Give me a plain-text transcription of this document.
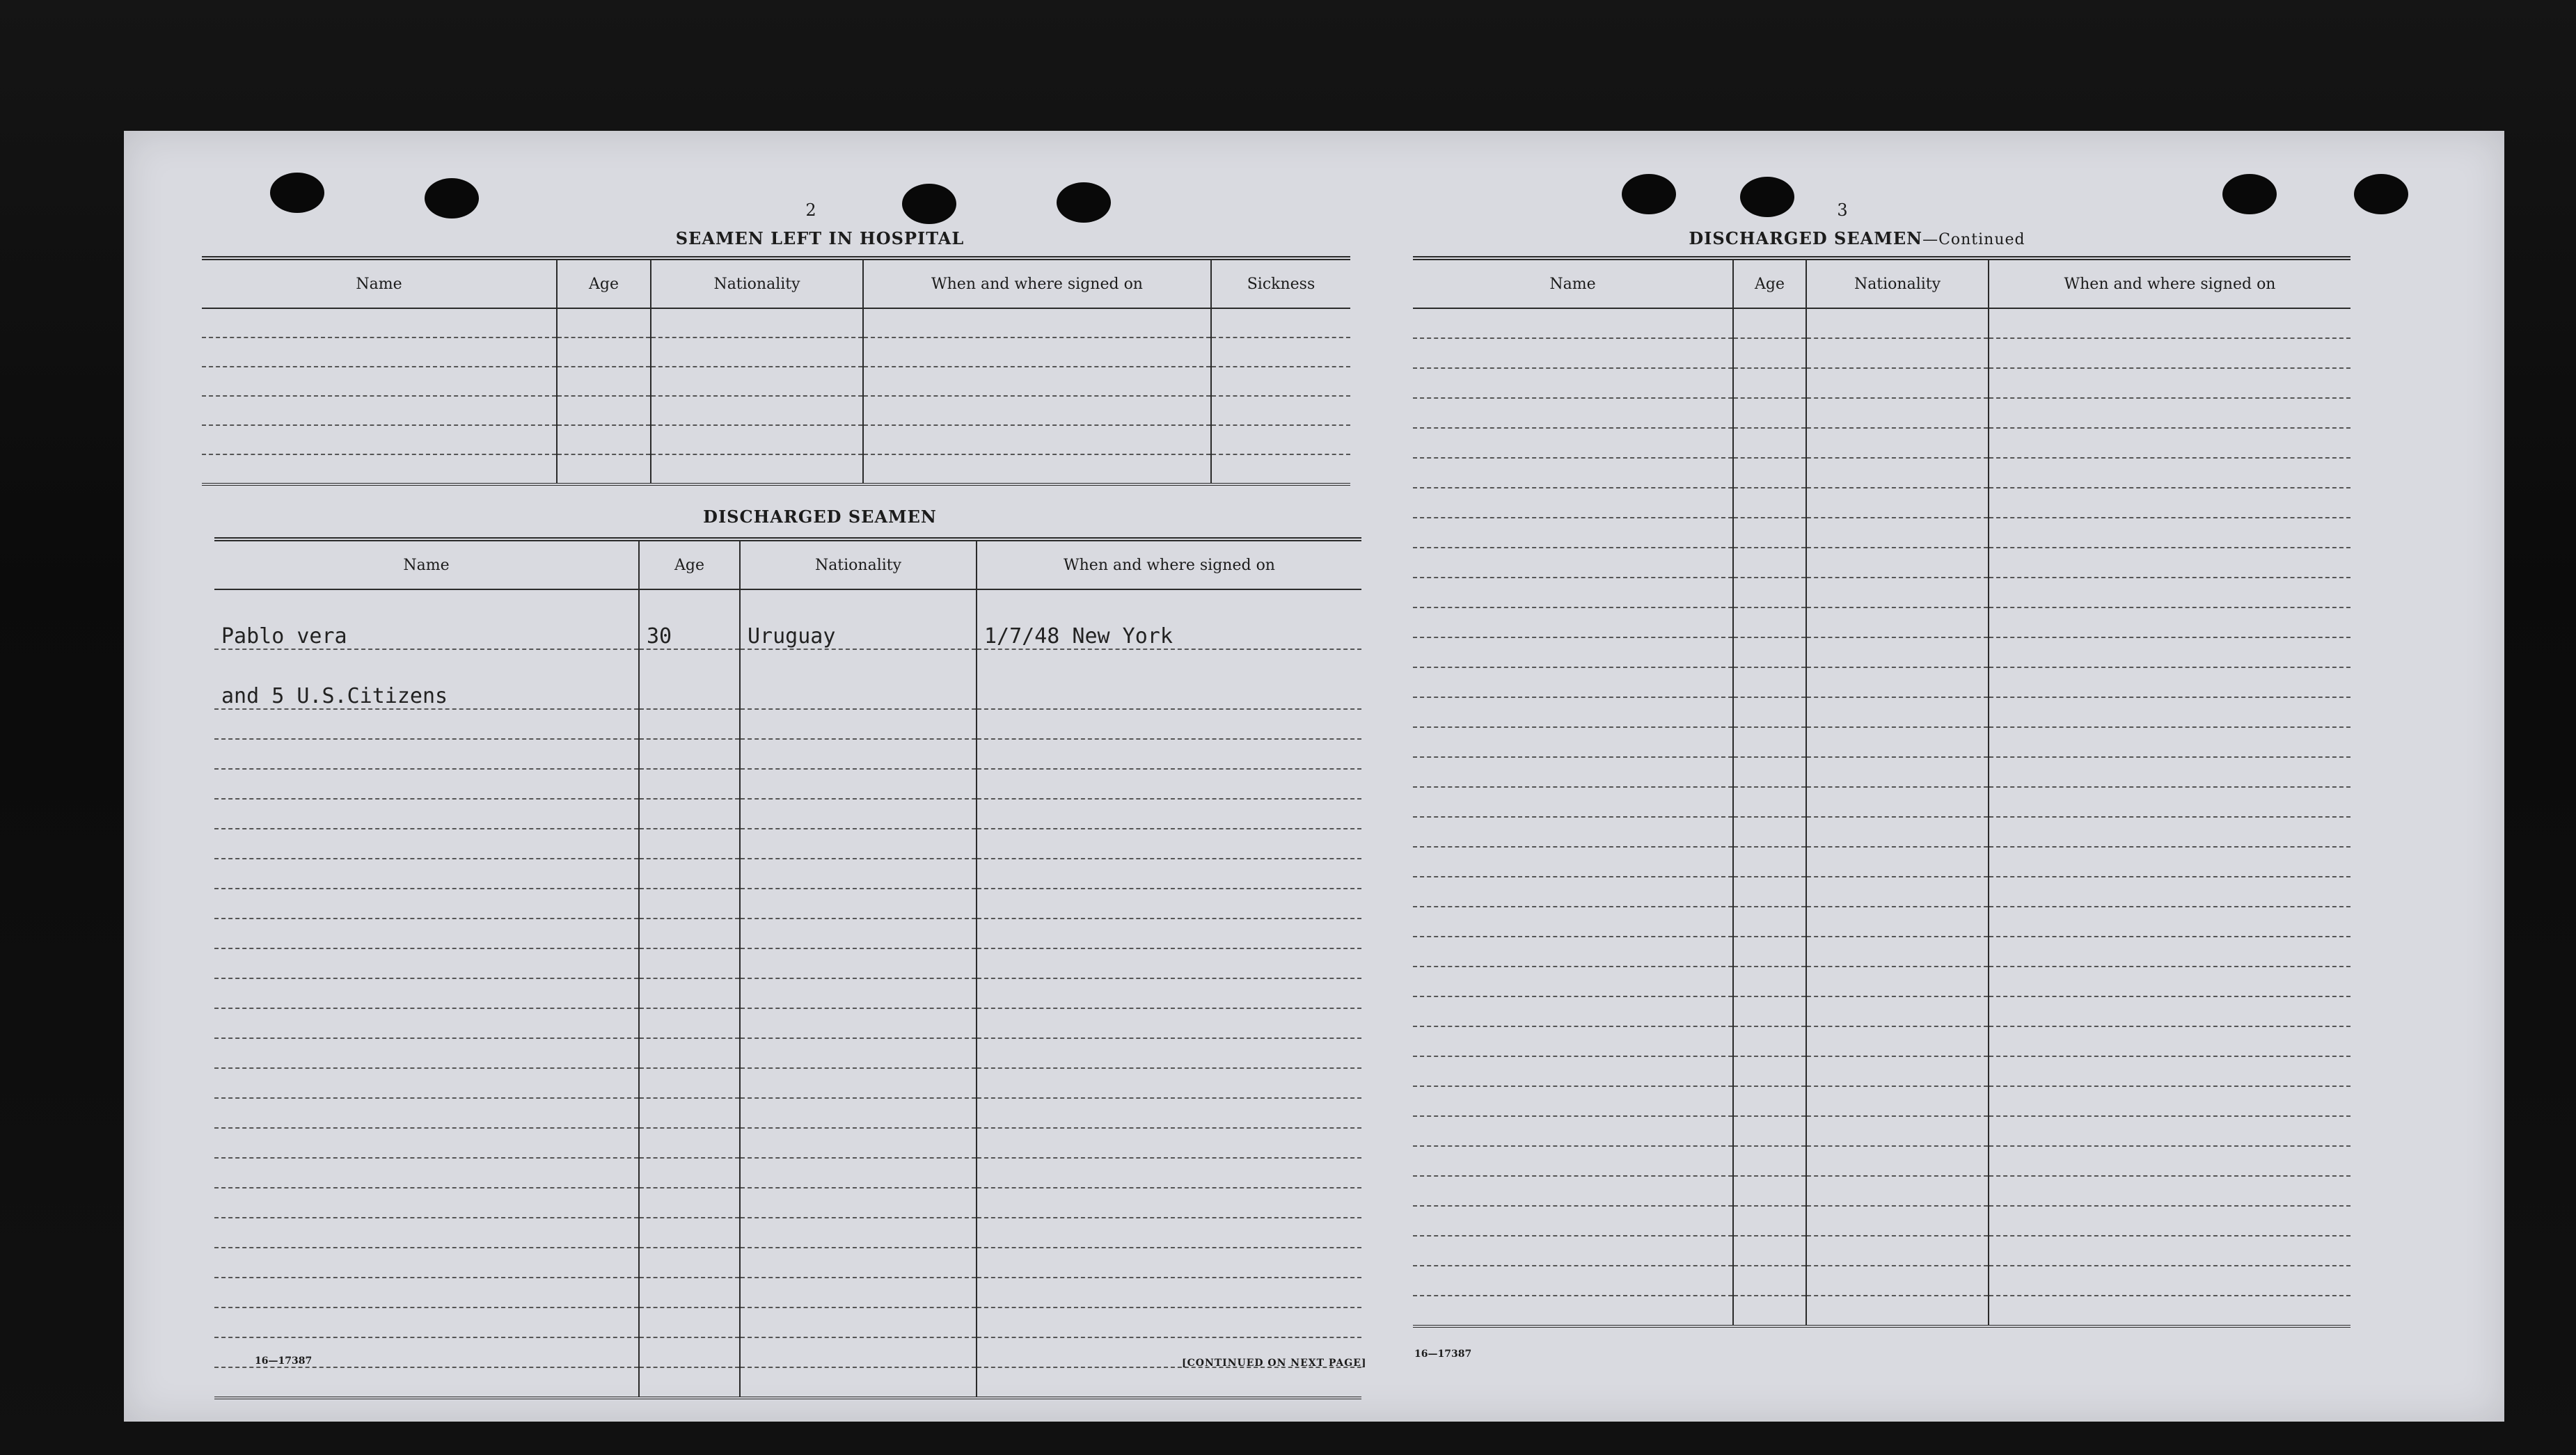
2
SEAMEN LEFT IN HOSPITAL
Name	Age	Nationality	When and where signed on	Sickness

DISCHARGED SEAMEN
Name	Age	Nationality	When and where signed on
Pablo vera	30	Uruguay	1/7/48 New York
and 5 U.S.Citizens			

16—17387	[CONTINUED ON NEXT PAGE]
3
DISCHARGED SEAMEN—Continued
Name	Age	Nationality	When and where signed on

16—17387
